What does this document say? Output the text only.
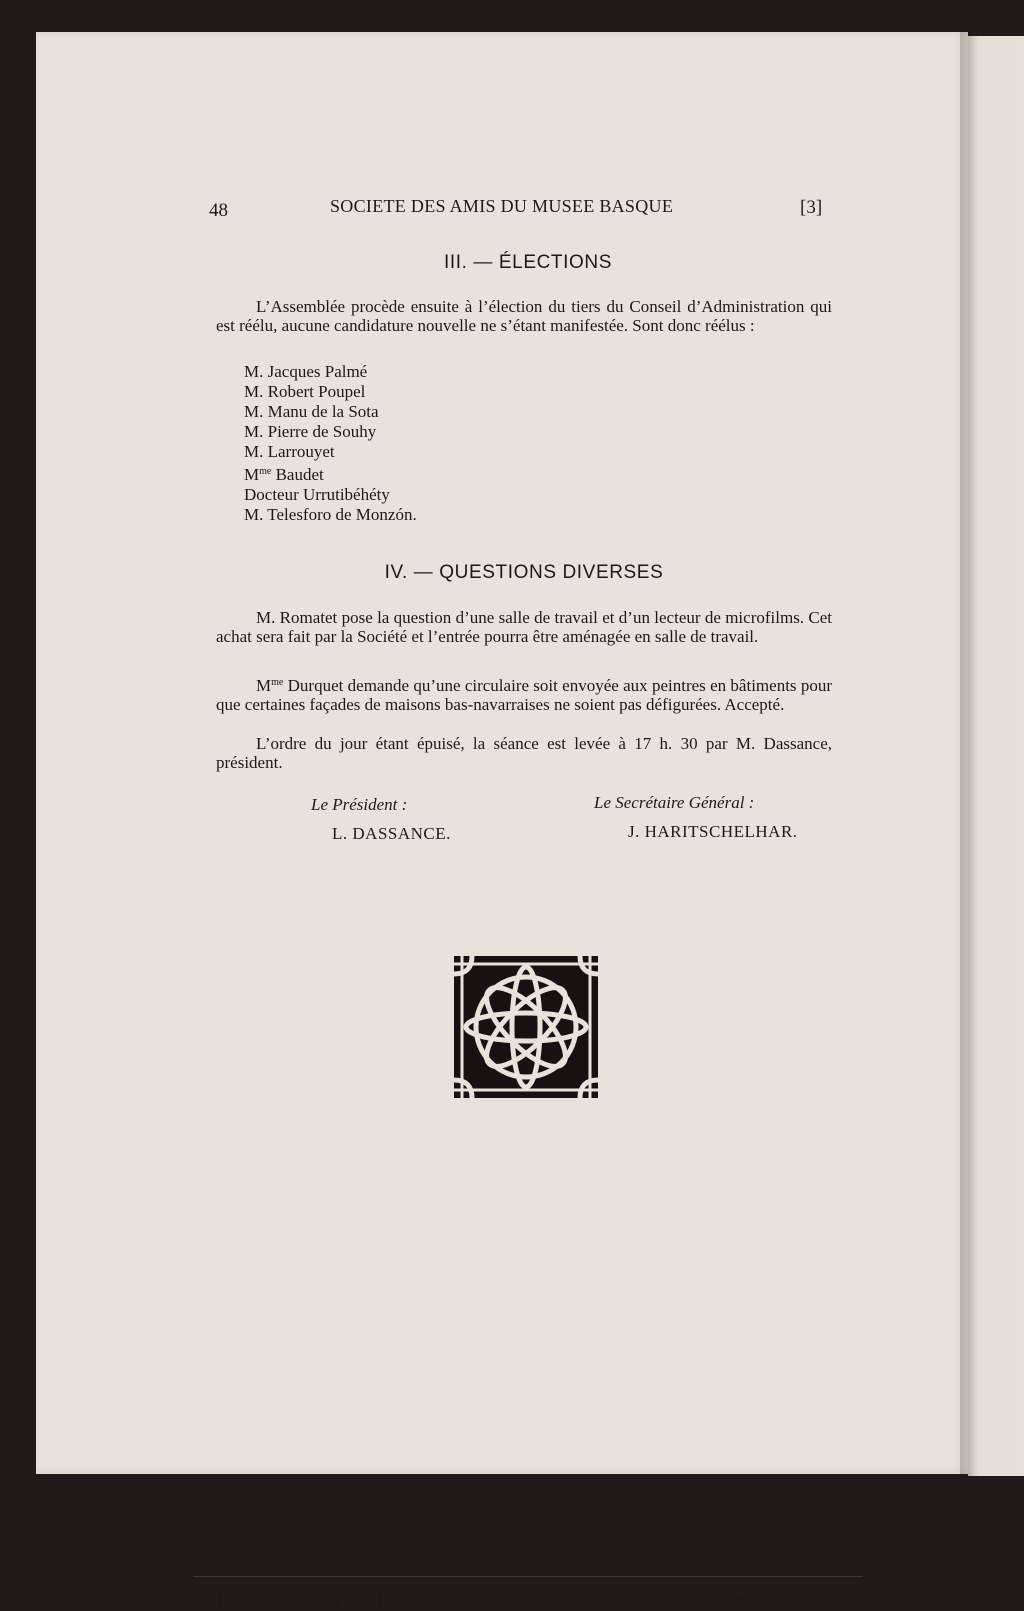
48	SOCIETE DES AMIS DU MUSEE BASQUE	[3]
III. — ÉLECTIONS
L’Assemblée procède ensuite à l’élection du tiers du Conseil d’Administration qui est réélu, aucune candidature nouvelle ne s’étant manifestée. Sont donc réélus :
M. Jacques Palmé
M. Robert Poupel
M. Manu de la Sota
M. Pierre de Souhy
M. Larrouyet
$M^{me}$ Baudet
Docteur Urrutibéhéty
M. Telesforo de Monzón.
IV. — QUESTIONS DIVERSES
M. Romatet pose la question d’une salle de travail et d’un lecteur de microfilms. Cet achat sera fait par la Société et l’entrée pourra être aménagée en salle de travail.
$M^{me}$ Durquet demande qu’une circulaire soit envoyée aux peintres en bâtiments pour que certaines façades de maisons bas-navarraises ne soient pas défigurées. Accepté.
L’ordre du jour étant épuisé, la séance est levée à 17 h. 30 par M. Dassance, président.
Le Président :	Le Secrétaire Général :
L. DASSANCE.	J. HARITSCHELHAR.
Le Directeur-Gérant : J. Haritschelhar.	IMP. S. SORDES - BAYONNE
